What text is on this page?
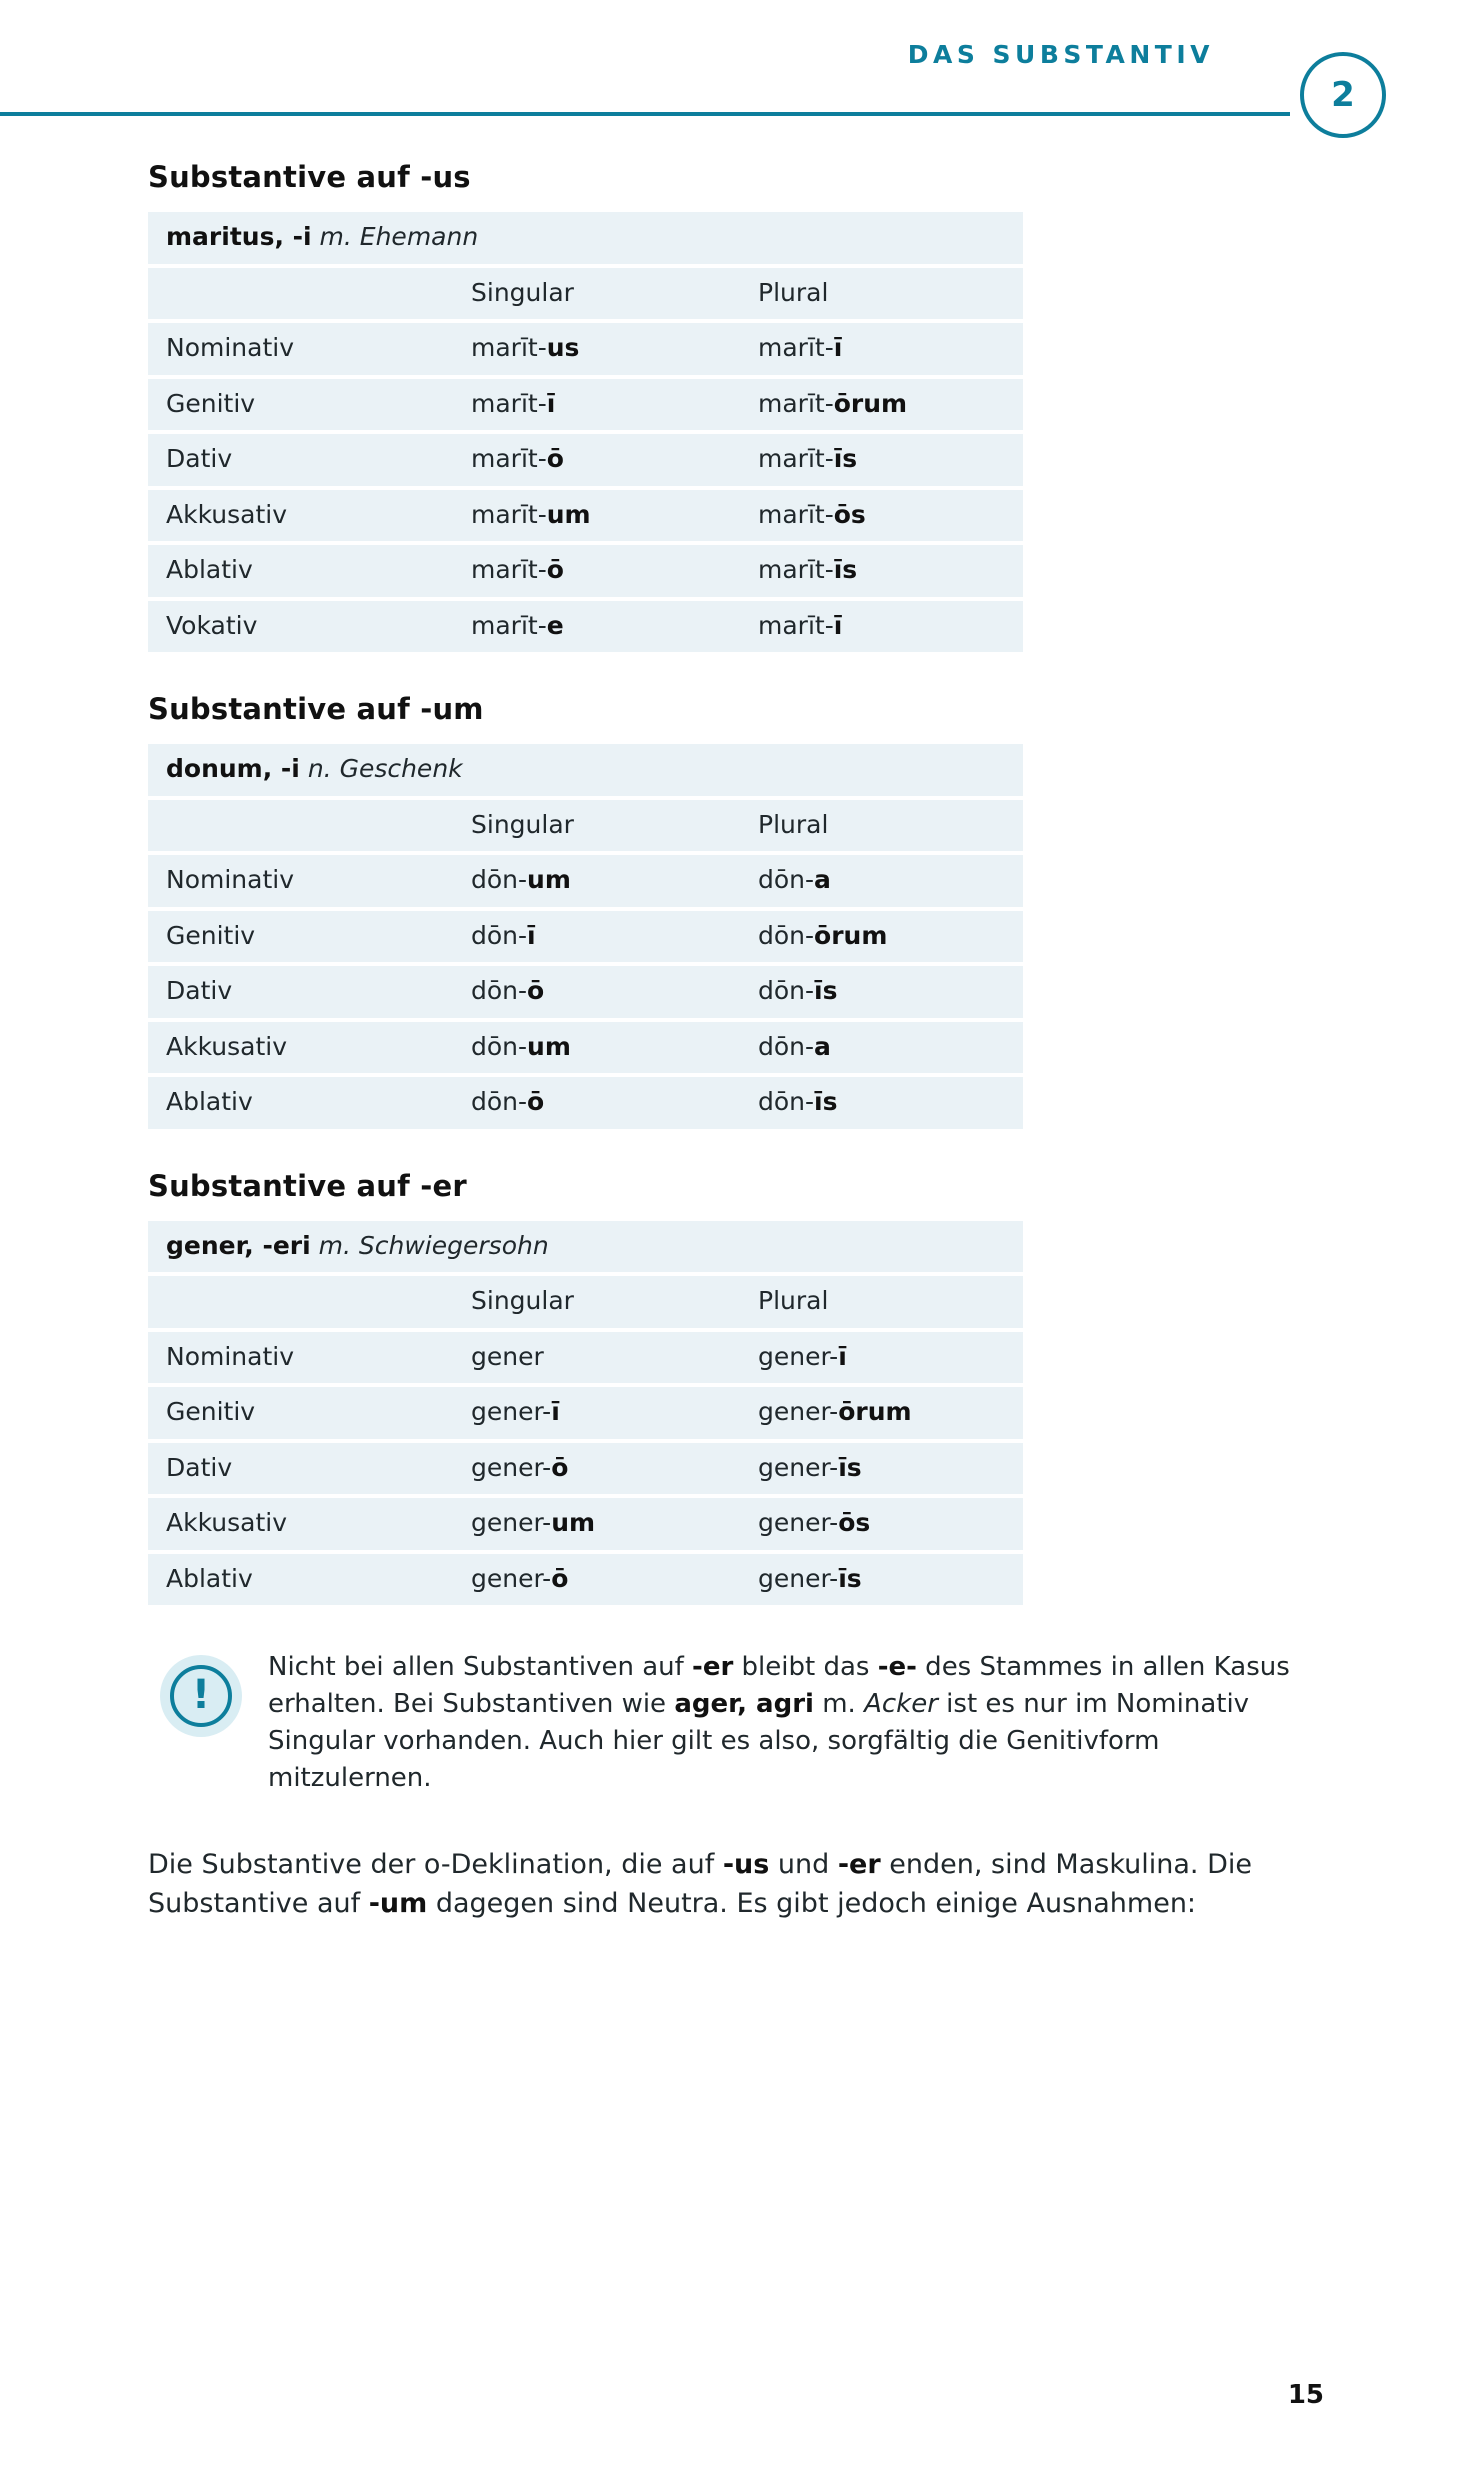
DAS SUBSTANTIV
2
Substantive auf -us
maritus, -i m. Ehemann		
	Singular	Plural
Nominativ	marīt-us	marīt-ī
Genitiv	marīt-ī	marīt-ōrum
Dativ	marīt-ō	marīt-īs
Akkusativ	marīt-um	marīt-ōs
Ablativ	marīt-ō	marīt-īs
Vokativ	marīt-e	marīt-ī
Substantive auf -um
donum, -i n. Geschenk		
	Singular	Plural
Nominativ	dōn-um	dōn-a
Genitiv	dōn-ī	dōn-ōrum
Dativ	dōn-ō	dōn-īs
Akkusativ	dōn-um	dōn-a
Ablativ	dōn-ō	dōn-īs
Substantive auf -er
gener, -eri m. Schwiegersohn		
	Singular	Plural
Nominativ	gener	gener-ī
Genitiv	gener-ī	gener-ōrum
Dativ	gener-ō	gener-īs
Akkusativ	gener-um	gener-ōs
Ablativ	gener-ō	gener-īs
!
Nicht bei allen Substantiven auf -er bleibt das -e- des Stammes in allen Kasus erhalten. Bei Substantiven wie ager, agri m. Acker ist es nur im Nominativ Singular vorhanden. Auch hier gilt es also, sorgfältig die Genitivform mitzulernen.

Die Substantive der o-Deklination, die auf -us und -er enden, sind Maskulina. Die Substantive auf -um dagegen sind Neutra. Es gibt jedoch einige Ausnahmen:

15
